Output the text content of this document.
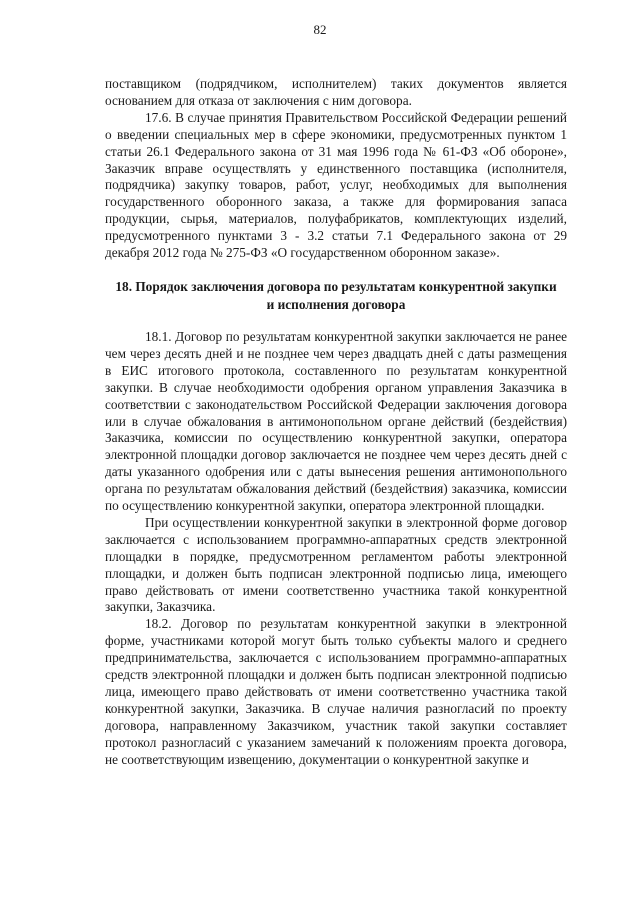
82

поставщиком (подрядчиком, исполнителем) таких документов является основанием для отказа от заключения с ним договора.

17.6. В случае принятия Правительством Российской Федерации решений о введении специальных мер в сфере экономики, предусмотренных пунктом 1 статьи 26.1 Федерального закона от 31 мая 1996 года № 61-ФЗ «Об обороне», Заказчик вправе осуществлять у единственного поставщика (исполнителя, подрядчика) закупку товаров, работ, услуг, необходимых для выполнения государственного оборонного заказа, а также для формирования запаса продукции, сырья, материалов, полуфабрикатов, комплектующих изделий, предусмотренного пунктами 3 - 3.2 статьи 7.1 Федерального закона от 29 декабря 2012 года № 275-ФЗ «О государственном оборонном заказе».

18. Порядок заключения договора по результатам конкурентной закупки и исполнения договора

18.1. Договор по результатам конкурентной закупки заключается не ранее чем через десять дней и не позднее чем через двадцать дней с даты размещения в ЕИС итогового протокола, составленного по результатам конкурентной закупки. В случае необходимости одобрения органом управления Заказчика в соответствии с законодательством Российской Федерации заключения договора или в случае обжалования в антимонопольном органе действий (бездействия) Заказчика, комиссии по осуществлению конкурентной закупки, оператора электронной площадки договор заключается не позднее чем через десять дней с даты указанного одобрения или с даты вынесения решения антимонопольного органа по результатам обжалования действий (бездействия) заказчика, комиссии по осуществлению конкурентной закупки, оператора электронной площадки.

При осуществлении конкурентной закупки в электронной форме договор заключается с использованием программно-аппаратных средств электронной площадки в порядке, предусмотренном регламентом работы электронной площадки, и должен быть подписан электронной подписью лица, имеющего право действовать от имени соответственно участника такой конкурентной закупки, Заказчика.

18.2. Договор по результатам конкурентной закупки в электронной форме, участниками которой могут быть только субъекты малого и среднего предпринимательства, заключается с использованием программно-аппаратных средств электронной площадки и должен быть подписан электронной подписью лица, имеющего право действовать от имени соответственно участника такой конкурентной закупки, Заказчика. В случае наличия разногласий по проекту договора, направленному Заказчиком, участник такой закупки составляет протокол разногласий с указанием замечаний к положениям проекта договора, не соответствующим извещению, документации о конкурентной закупке и
